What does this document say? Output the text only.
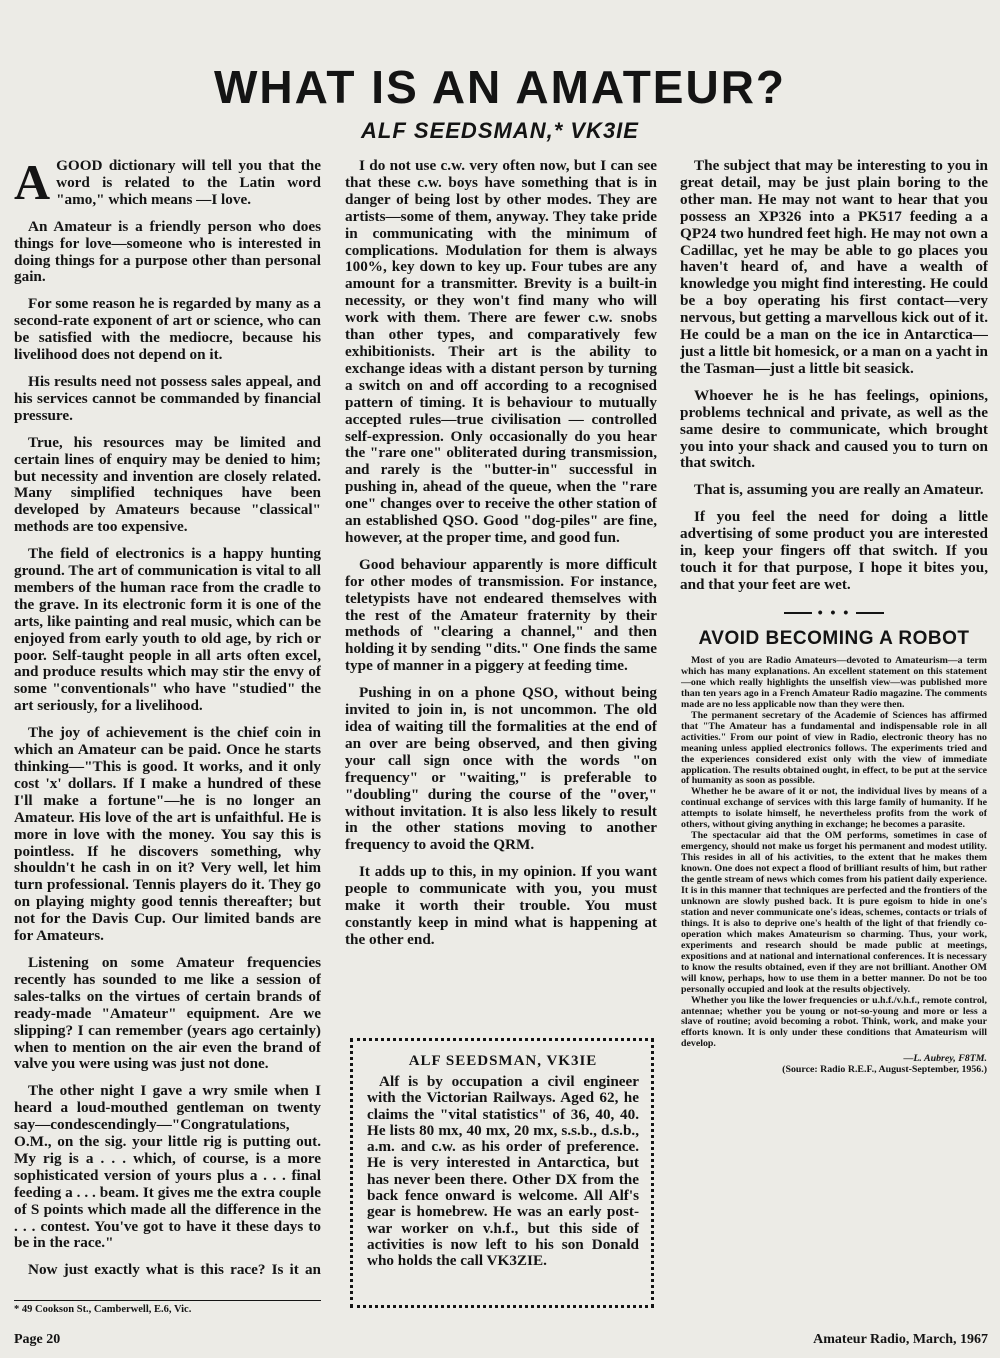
WHAT IS AN AMATEUR?
ALF SEEDSMAN,* VK3IE

AGOOD dictionary will tell you that the word is related to the Latin word "amo," which means —I love.

An Amateur is a friendly person who does things for love—someone who is interested in doing things for a purpose other than personal gain.

For some reason he is regarded by many as a second-rate exponent of art or science, who can be satisfied with the mediocre, because his livelihood does not depend on it.

His results need not possess sales appeal, and his services cannot be commanded by financial pressure.

True, his resources may be limited and certain lines of enquiry may be denied to him; but necessity and invention are closely related. Many simplified techniques have been developed by Amateurs because "classical" methods are too expensive.

The field of electronics is a happy hunting ground. The art of communication is vital to all members of the human race from the cradle to the grave. In its electronic form it is one of the arts, like painting and real music, which can be enjoyed from early youth to old age, by rich or poor. Self-taught people in all arts often excel, and produce results which may stir the envy of some "conventionals" who have "studied" the art seriously, for a livelihood.

The joy of achievement is the chief coin in which an Amateur can be paid. Once he starts thinking—"This is good. It works, and it only cost 'x' dollars. If I make a hundred of these I'll make a fortune"—he is no longer an Amateur. His love of the art is unfaithful. He is more in love with the money. You say this is pointless. If he discovers something, why shouldn't he cash in on it? Very well, let him turn professional. Tennis players do it. They go on playing mighty good tennis thereafter; but not for the Davis Cup. Our limited bands are for Amateurs.

Listening on some Amateur frequencies recently has sounded to me like a session of sales-talks on the virtues of certain brands of ready-made "Amateur" equipment. Are we slipping? I can remember (years ago certainly) when to mention on the air even the brand of valve you were using was just not done.

The other night I gave a wry smile when I heard a loud-mouthed gentleman on twenty say—condescendingly—"Congratulations, O.M., on the sig. your little rig is putting out. My rig is a . . . which, of course, is a more sophisticated version of yours plus a . . . final feeding a . . . beam. It gives me the extra couple of S points which made all the difference in the . . . contest. You've got to have it these days to be in the race."

Now just exactly what is this race? Is it an

I do not use c.w. very often now, but I can see that these c.w. boys have something that is in danger of being lost by other modes. They are artists—some of them, anyway. They take pride in communicating with the minimum of complications. Modulation for them is always 100%, key down to key up. Four tubes are any amount for a transmitter. Brevity is a built-in necessity, or they won't find many who will work with them. There are fewer c.w. snobs than other types, and comparatively few exhibitionists. Their art is the ability to exchange ideas with a distant person by turning a switch on and off according to a recognised pattern of timing. It is behaviour to mutually accepted rules—true civilisation — controlled self-expression. Only occasionally do you hear the "rare one" obliterated during transmission, and rarely is the "butter-in" successful in pushing in, ahead of the queue, when the "rare one" changes over to receive the other station of an established QSO. Good "dog-piles" are fine, however, at the proper time, and good fun.

Good behaviour apparently is more difficult for other modes of transmission. For instance, teletypists have not endeared themselves with the rest of the Amateur fraternity by their methods of "clearing a channel," and then holding it by sending "dits." One finds the same type of manner in a piggery at feeding time.

Pushing in on a phone QSO, without being invited to join in, is not uncommon. The old idea of waiting till the formalities at the end of an over are being observed, and then giving your call sign once with the words "on frequency" or "waiting," is preferable to "doubling" during the course of the "over," without invitation. It is also less likely to result in the other stations moving to another frequency to avoid the QRM.

It adds up to this, in my opinion. If you want people to communicate with you, you must make it worth their trouble. You must constantly keep in mind what is happening at the other end.

ALF SEEDSMAN, VK3IE

Alf is by occupation a civil engineer with the Victorian Railways. Aged 62, he claims the "vital statistics" of 36, 40, 40. He lists 80 mx, 40 mx, 20 mx, s.s.b., d.s.b., a.m. and c.w. as his order of preference. He is very interested in Antarctica, but has never been there. Other DX from the back fence onward is welcome. All Alf's gear is homebrew. He was an early post-war worker on v.h.f., but this side of activities is now left to his son Donald who holds the call VK3ZIE.

The subject that may be interesting to you in great detail, may be just plain boring to the other man. He may not want to hear that you possess an XP326 into a PK517 feeding a a QP24 two hundred feet high. He may not own a Cadillac, yet he may be able to go places you haven't heard of, and have a wealth of knowledge you might find interesting. He could be a boy operating his first contact—very nervous, but getting a marvellous kick out of it. He could be a man on the ice in Antarctica—just a little bit homesick, or a man on a yacht in the Tasman—just a little bit seasick.

Whoever he is he has feelings, opinions, problems technical and private, as well as the same desire to communicate, which brought you into your shack and caused you to turn on that switch.

That is, assuming you are really an Amateur.

If you feel the need for doing a little advertising of some product you are interested in, keep your fingers off that switch. If you touch it for that purpose, I hope it bites you, and that your feet are wet.

• • •
AVOID BECOMING A ROBOT

Most of you are Radio Amateurs—devoted to Amateurism—a term which has many explanations. An excellent statement on this statement—one which really highlights the unselfish view—was published more than ten years ago in a French Amateur Radio magazine. The comments made are no less applicable now than they were then.

The permanent secretary of the Academie of Sciences has affirmed that "The Amateur has a fundamental and indispensable role in all activities." From our point of view in Radio, electronic theory has no meaning unless applied electronics follows. The experiments tried and the experiences considered exist only with the view of immediate application. The results obtained ought, in effect, to be put at the service of humanity as soon as possible.

Whether he be aware of it or not, the individual lives by means of a continual exchange of services with this large family of humanity. If he attempts to isolate himself, he nevertheless profits from the work of others, without giving anything in exchange; he becomes a parasite.

The spectacular aid that the OM performs, sometimes in case of emergency, should not make us forget his permanent and modest utility. This resides in all of his activities, to the extent that he makes them known. One does not expect a flood of brilliant results of him, but rather the gentle stream of news which comes from his patient daily experience. It is in this manner that techniques are perfected and the frontiers of the unknown are slowly pushed back. It is pure egoism to hide in one's station and never communicate one's ideas, schemes, contacts or trials of things. It is also to deprive one's health of the light of that friendly co-operation which makes Amateurism so charming. Thus, your work, experiments and research should be made public at meetings, expositions and at national and international conferences. It is necessary to know the results obtained, even if they are not brilliant. Another OM will know, perhaps, how to use them in a better manner. Do not be too personally occupied and look at the results objectively.

Whether you like the lower frequencies or u.h.f./v.h.f., remote control, antennae; whether you be young or not-so-young and more or less a slave of routine; avoid becoming a robot. Think, work, and make your efforts known. It is only under these conditions that Amateurism will develop.

—L. Aubrey, F8TM.

(Source: Radio R.E.F., August-September, 1956.)

* 49 Cookson St., Camberwell, E.6, Vic.
Page 20	Amateur Radio, March, 1967
